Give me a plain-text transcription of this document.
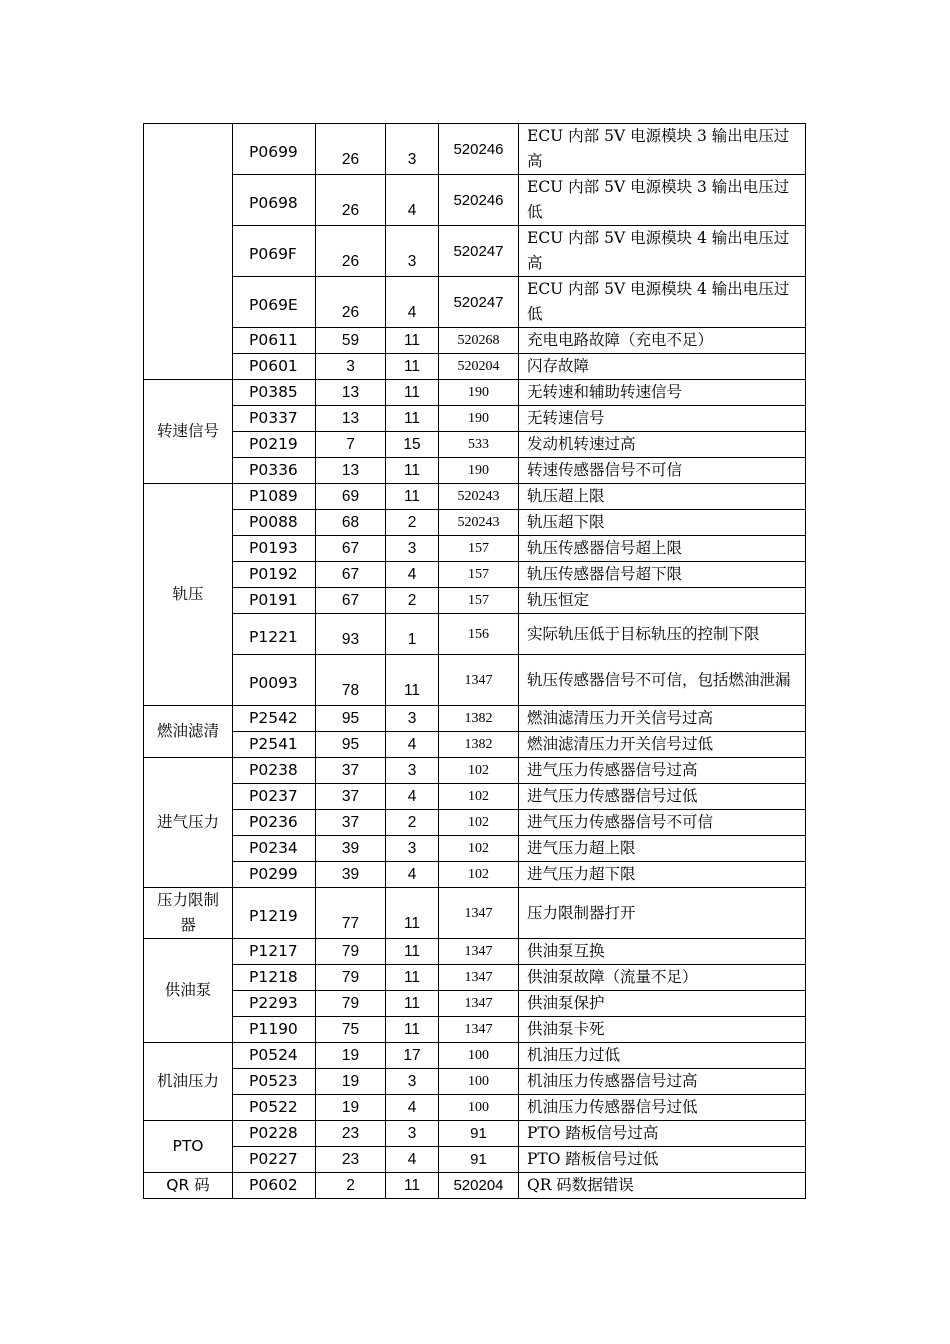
	P0699	26	3	520246	ECU 内部 5V 电源模块 3 输出电压过高
	P0698	26	4	520246	ECU 内部 5V 电源模块 3 输出电压过低
	P069F	26	3	520247	ECU 内部 5V 电源模块 4 输出电压过高
	P069E	26	4	520247	ECU 内部 5V 电源模块 4 输出电压过低
	P0611	59	11	520268	充电电路故障（充电不足）
	P0601	3	11	520204	闪存故障
转速信号	P0385	13	11	190	无转速和辅助转速信号
	P0337	13	11	190	无转速信号
	P0219	7	15	533	发动机转速过高
	P0336	13	11	190	转速传感器信号不可信
轨压	P1089	69	11	520243	轨压超上限
	P0088	68	2	520243	轨压超下限
	P0193	67	3	157	轨压传感器信号超上限
	P0192	67	4	157	轨压传感器信号超下限
	P0191	67	2	157	轨压恒定
	P1221	93	1	156	实际轨压低于目标轨压的控制下限
	P0093	78	11	1347	轨压传感器信号不可信，包括燃油泄漏
燃油滤清	P2542	95	3	1382	燃油滤清压力开关信号过高
	P2541	95	4	1382	燃油滤清压力开关信号过低
进气压力	P0238	37	3	102	进气压力传感器信号过高
	P0237	37	4	102	进气压力传感器信号过低
	P0236	37	2	102	进气压力传感器信号不可信
	P0234	39	3	102	进气压力超上限
	P0299	39	4	102	进气压力超下限
压力限制器	P1219	77	11	1347	压力限制器打开
供油泵	P1217	79	11	1347	供油泵互换
	P1218	79	11	1347	供油泵故障（流量不足）
	P2293	79	11	1347	供油泵保护
	P1190	75	11	1347	供油泵卡死
机油压力	P0524	19	17	100	机油压力过低
	P0523	19	3	100	机油压力传感器信号过高
	P0522	19	4	100	机油压力传感器信号过低
PTO	P0228	23	3	91	PTO 踏板信号过高
	P0227	23	4	91	PTO 踏板信号过低
QR 码	P0602	2	11	520204	QR 码数据错误
